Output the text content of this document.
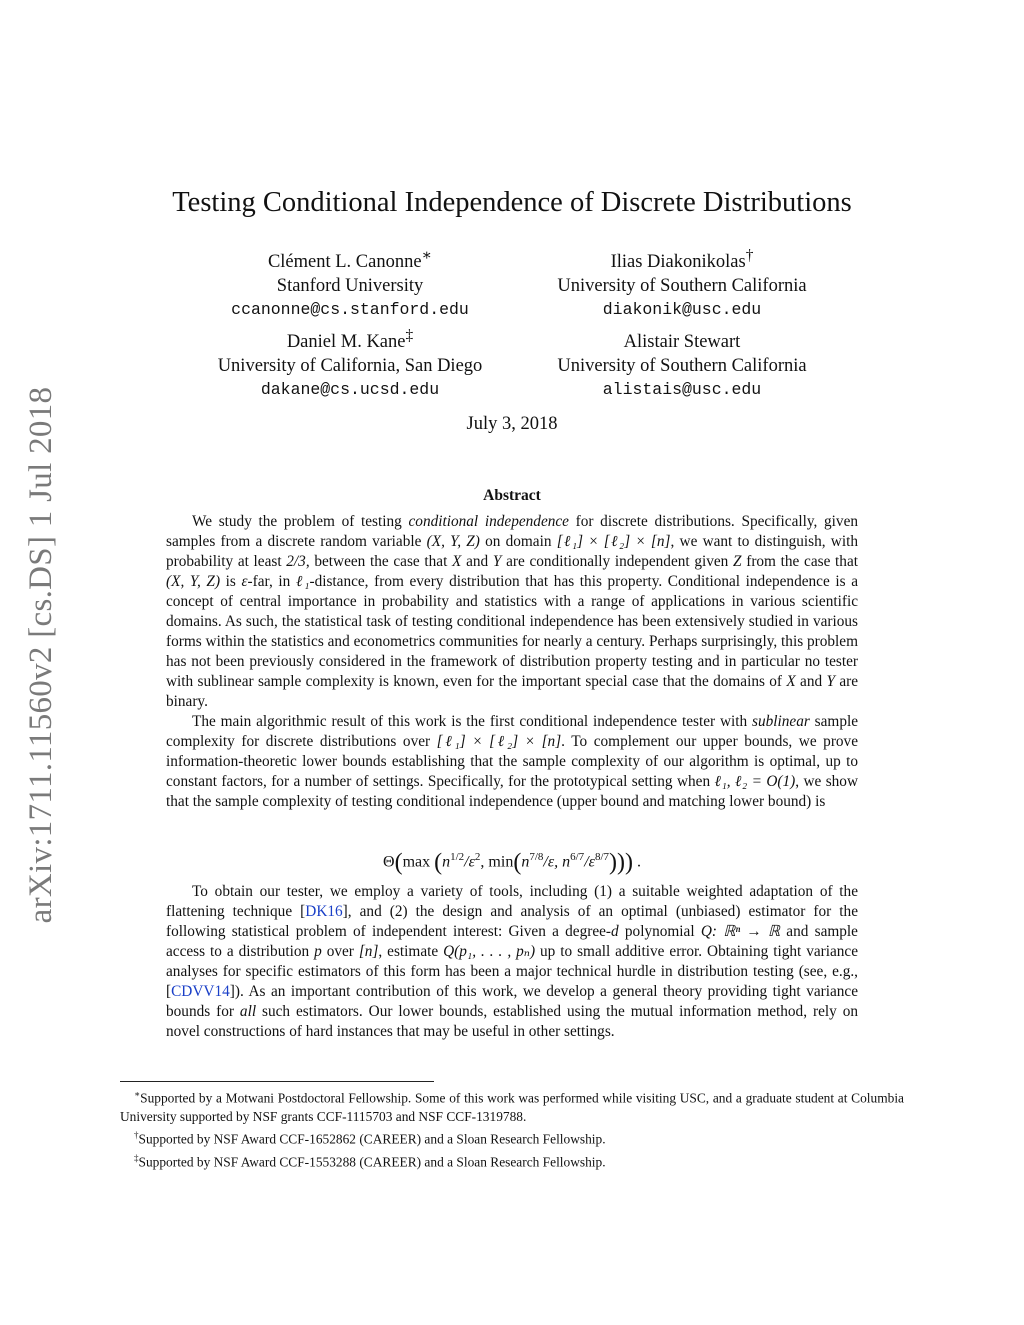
arXiv:1711.11560v2 [cs.DS] 1 Jul 2018
Testing Conditional Independence of Discrete Distributions
Clément L. Canonne∗
Stanford University
ccanonne@cs.stanford.edu
Ilias Diakonikolas†
University of Southern California
diakonik@usc.edu
Daniel M. Kane‡
University of California, San Diego
dakane@cs.ucsd.edu
Alistair Stewart
University of Southern California
alistais@usc.edu
July 3, 2018
Abstract

We study the problem of testing conditional independence for discrete distributions. Specifically, given samples from a discrete random variable (X, Y, Z) on domain [ℓ₁] × [ℓ₂] × [n], we want to distinguish, with probability at least 2/3, between the case that X and Y are conditionally independent given Z from the case that (X, Y, Z) is ε-far, in ℓ₁-distance, from every distribution that has this property. Conditional independence is a concept of central importance in probability and statistics with a range of applications in various scientific domains. As such, the statistical task of testing conditional independence has been extensively studied in various forms within the statistics and econometrics communities for nearly a century. Perhaps surprisingly, this problem has not been previously considered in the framework of distribution property testing and in particular no tester with sublinear sample complexity is known, even for the important special case that the domains of X and Y are binary.

The main algorithmic result of this work is the first conditional independence tester with sublinear sample complexity for discrete distributions over [ℓ₁] × [ℓ₂] × [n]. To complement our upper bounds, we prove information-theoretic lower bounds establishing that the sample complexity of our algorithm is optimal, up to constant factors, for a number of settings. Specifically, for the prototypical setting when ℓ₁, ℓ₂ = O(1), we show that the sample complexity of testing conditional independence (upper bound and matching lower bound) is

Θ(max ($n^{1/2}/\varepsilon^2$, $\min(n^{7/8}/\varepsilon$, $n^{6/7}/\varepsilon^{8/7}$))) .

To obtain our tester, we employ a variety of tools, including (1) a suitable weighted adaptation of the flattening technique [DK16], and (2) the design and analysis of an optimal (unbiased) estimator for the following statistical problem of independent interest: Given a degree-d polynomial Q: ℝⁿ → ℝ and sample access to a distribution p over [n], estimate Q(p₁, . . . , pₙ) up to small additive error. Obtaining tight variance analyses for specific estimators of this form has been a major technical hurdle in distribution testing (see, e.g., [CDVV14]). As an important contribution of this work, we develop a general theory providing tight variance bounds for all such estimators. Our lower bounds, established using the mutual information method, rely on novel constructions of hard instances that may be useful in other settings.

∗Supported by a Motwani Postdoctoral Fellowship. Some of this work was performed while visiting USC, and a graduate student at Columbia University supported by NSF grants CCF-1115703 and NSF CCF-1319788.

†Supported by NSF Award CCF-1652862 (CAREER) and a Sloan Research Fellowship.

‡Supported by NSF Award CCF-1553288 (CAREER) and a Sloan Research Fellowship.
